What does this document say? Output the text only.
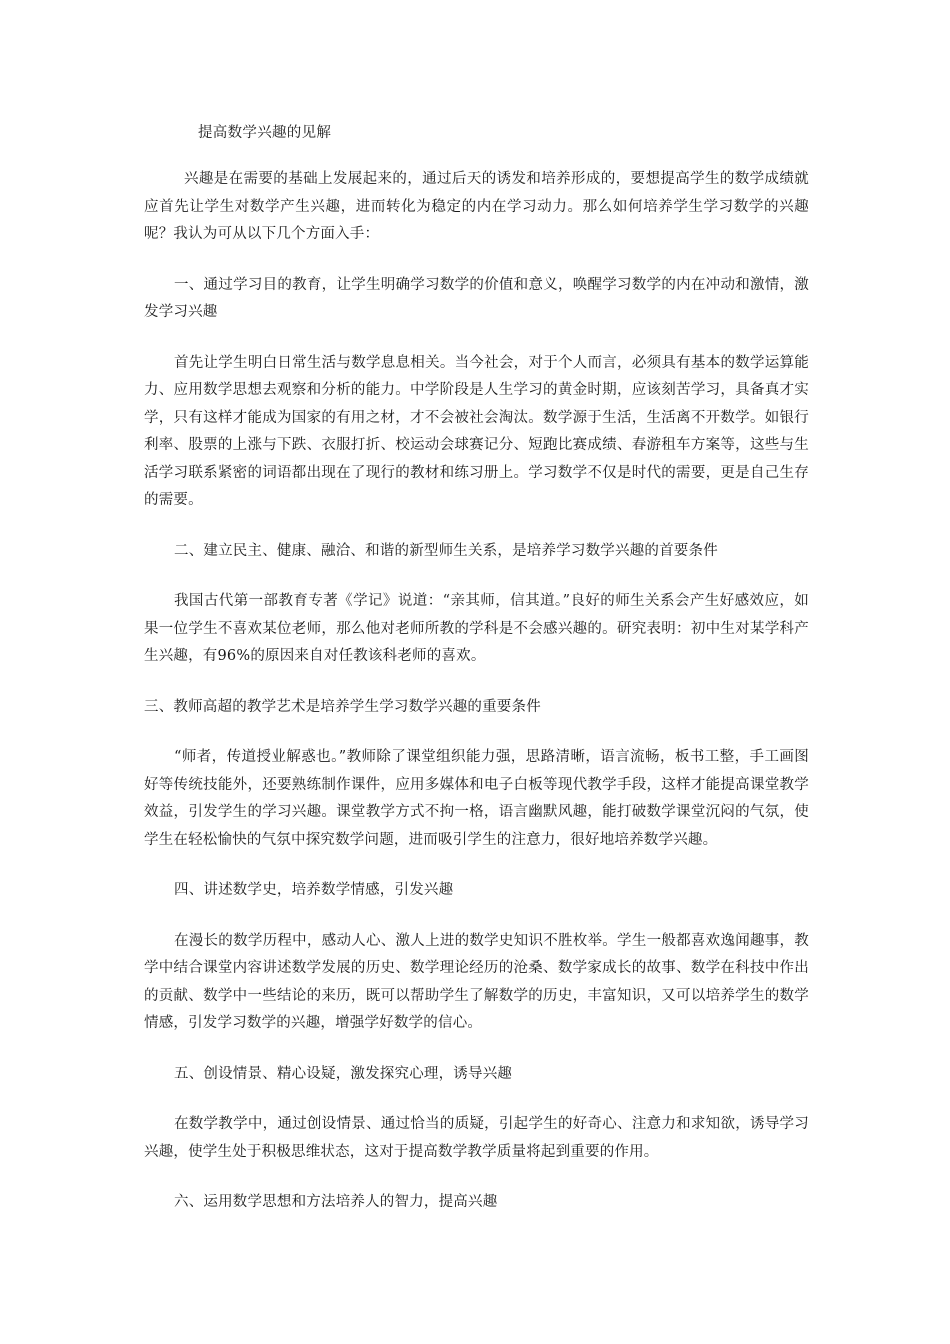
提高数学兴趣的见解

兴趣是在需要的基础上发展起来的，通过后天的诱发和培养形成的，要想提高学生的数学成绩就应首先让学生对数学产生兴趣，进而转化为稳定的内在学习动力。那么如何培养学生学习数学的兴趣呢？我认为可从以下几个方面入手：

一、通过学习目的教育，让学生明确学习数学的价值和意义，唤醒学习数学的内在冲动和激情，激发学习兴趣

首先让学生明白日常生活与数学息息相关。当今社会，对于个人而言，必须具有基本的数学运算能力、应用数学思想去观察和分析的能力。中学阶段是人生学习的黄金时期，应该刻苦学习，具备真才实学，只有这样才能成为国家的有用之材，才不会被社会淘汰。数学源于生活，生活离不开数学。如银行利率、股票的上涨与下跌、衣服打折、校运动会球赛记分、短跑比赛成绩、春游租车方案等，这些与生活学习联系紧密的词语都出现在了现行的教材和练习册上。学习数学不仅是时代的需要，更是自己生存的需要。

二、建立民主、健康、融洽、和谐的新型师生关系，是培养学习数学兴趣的首要条件

我国古代第一部教育专著《学记》说道：“亲其师，信其道。”良好的师生关系会产生好感效应，如果一位学生不喜欢某位老师，那么他对老师所教的学科是不会感兴趣的。研究表明：初中生对某学科产生兴趣，有96%的原因来自对任教该科老师的喜欢。

三、教师高超的教学艺术是培养学生学习数学兴趣的重要条件

“师者，传道授业解惑也。”教师除了课堂组织能力强，思路清晰，语言流畅，板书工整，手工画图好等传统技能外，还要熟练制作课件，应用多媒体和电子白板等现代教学手段，这样才能提高课堂教学效益，引发学生的学习兴趣。课堂教学方式不拘一格，语言幽默风趣，能打破数学课堂沉闷的气氛，使学生在轻松愉快的气氛中探究数学问题，进而吸引学生的注意力，很好地培养数学兴趣。

四、讲述数学史，培养数学情感，引发兴趣

在漫长的数学历程中，感动人心、激人上进的数学史知识不胜枚举。学生一般都喜欢逸闻趣事，教学中结合课堂内容讲述数学发展的历史、数学理论经历的沧桑、数学家成长的故事、数学在科技中作出的贡献、数学中一些结论的来历，既可以帮助学生了解数学的历史，丰富知识，又可以培养学生的数学情感，引发学习数学的兴趣，增强学好数学的信心。

五、创设情景、精心设疑，激发探究心理，诱导兴趣

在数学教学中，通过创设情景、通过恰当的质疑，引起学生的好奇心、注意力和求知欲，诱导学习兴趣，使学生处于积极思维状态，这对于提高数学教学质量将起到重要的作用。

六、运用数学思想和方法培养人的智力，提高兴趣
